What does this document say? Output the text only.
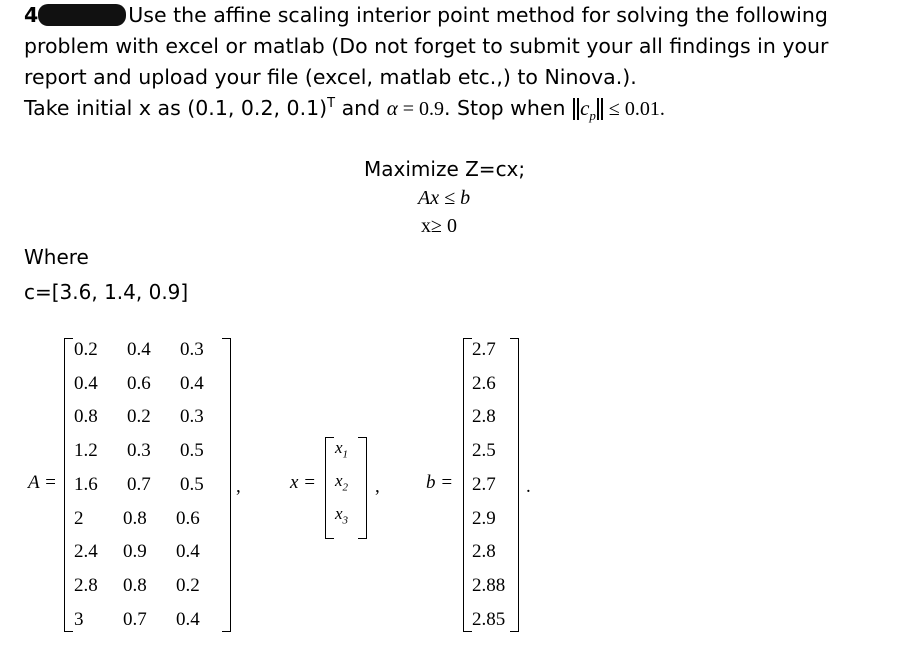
4	Use the affine scaling interior point method for solving the following
problem with excel or matlab (Do not forget to submit your all findings in your
report and upload your file (excel, matlab etc.,) to Ninova.).
Take initial x as (0.1, 0.2, 0.1)$^T$ and α = 0.9. Stop when $c_p \le 0.01$.
Maximize Z=cx;
Ax ≤ b
x≥ 0
Where
c=[3.6, 1.4, 0.9]
A =
0.2 0.4 0.3
0.4 0.6 0.4
0.8 0.2 0.3
1.2 0.3 0.5
1.6 0.7 0.5
2 0.8 0.6
2.4 0.9 0.4
2.8 0.8 0.2
3 0.7 0.4
,	x =
$x_1$
$x_2$
$x_3$
, b =
2.7
2.6
2.8
2.5
2.7
2.9
2.8
2.88
2.85
.
